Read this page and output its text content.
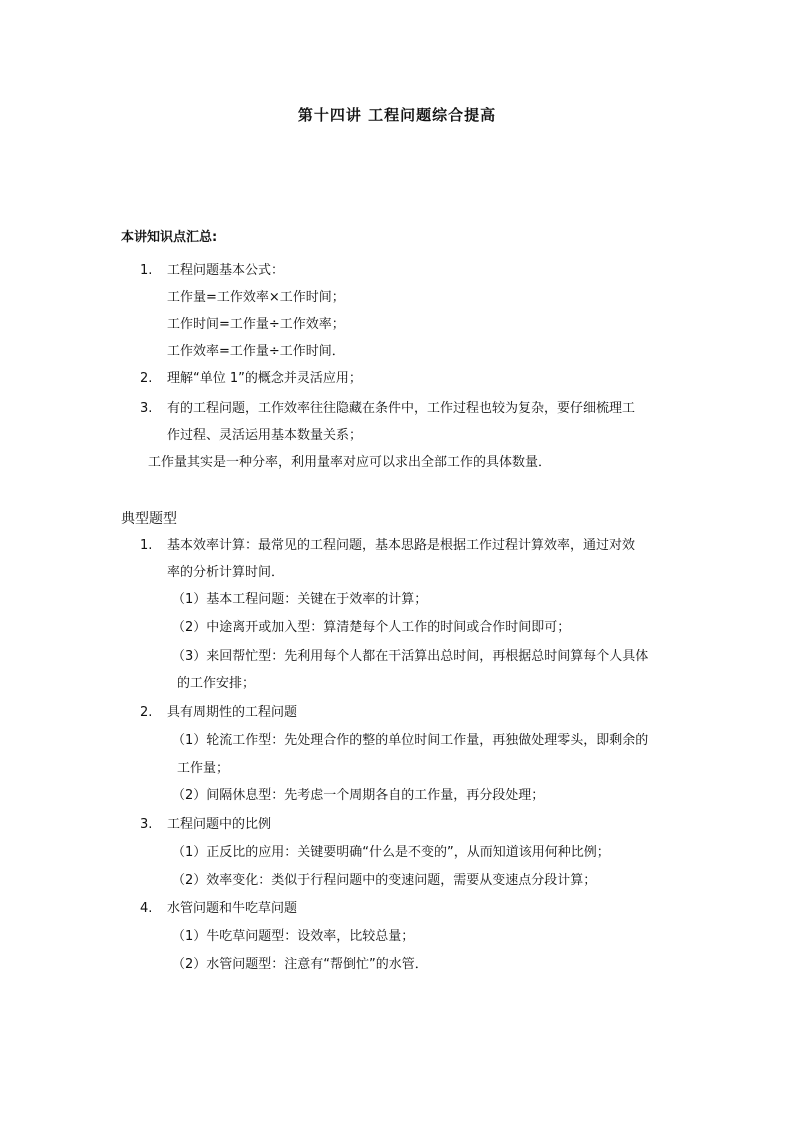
第十四讲 工程问题综合提高
本讲知识点汇总:
1. 工程问题基本公式：
工作量=工作效率×工作时间；
工作时间=工作量÷工作效率；
工作效率=工作量÷工作时间．
2. 理解“单位 1”的概念并灵活应用；
3. 有的工程问题，工作效率往往隐藏在条件中，工作过程也较为复杂，要仔细梳理工
作过程、灵活运用基本数量关系；
工作量其实是一种分率，利用量率对应可以求出全部工作的具体数量．
典型题型
1. 基本效率计算：最常见的工程问题，基本思路是根据工作过程计算效率，通过对效
率的分析计算时间．
（1）基本工程问题：关键在于效率的计算；
（2）中途离开或加入型：算清楚每个人工作的时间或合作时间即可；
（3）来回帮忙型：先利用每个人都在干活算出总时间，再根据总时间算每个人具体
的工作安排；
2. 具有周期性的工程问题
（1）轮流工作型：先处理合作的整的单位时间工作量，再独做处理零头，即剩余的
工作量；
（2）间隔休息型：先考虑一个周期各自的工作量，再分段处理；
3. 工程问题中的比例
（1）正反比的应用：关键要明确“什么是不变的”，从而知道该用何种比例；
（2）效率变化：类似于行程问题中的变速问题，需要从变速点分段计算；
4. 水管问题和牛吃草问题
（1）牛吃草问题型：设效率，比较总量；
（2）水管问题型：注意有“帮倒忙”的水管．
